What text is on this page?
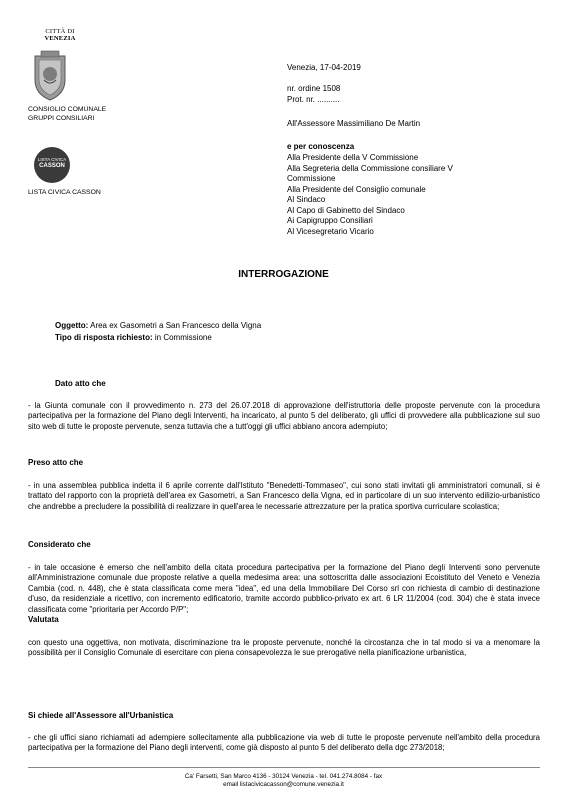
CITTÀ DI
VENEZIA
CONSIGLIO COMUNALE
GRUPPI CONSILIARI
LISTA CIVICA
CASSON
LISTA CIVICA CASSON
Venezia, 17-04-2019
nr. ordine 1508
Prot. nr. ..........
All'Assessore Massimiliano De Martin
e per conoscenza
Alla Presidente della V Commissione
Alla Segreteria della Commissione consiliare V
Commissione
Alla Presidente del Consiglio comunale
Al Sindaco
Al Capo di Gabinetto del Sindaco
Ai Capigruppo Consiliari
Al Vicesegretario Vicario
INTERROGAZIONE
Oggetto: Area ex Gasometri a San Francesco della Vigna
Tipo di risposta richiesto: in Commissione
Dato atto che
- la Giunta comunale con il provvedimento n. 273 del 26.07.2018 di approvazione dell'istruttoria delle proposte pervenute con la procedura partecipativa per la formazione del Piano degli Interventi, ha incaricato, al punto 5 del deliberato, gli uffici di provvedere alla pubblicazione sul suo sito web di tutte le proposte pervenute, senza tuttavia che a tutt'oggi gli uffici abbiano ancora adempiuto;
Preso atto che
- in una assemblea pubblica indetta il 6 aprile corrente dall'Istituto "Benedetti-Tommaseo", cui sono stati invitati gli amministratori comunali, si è trattato del rapporto con la proprietà dell'area ex Gasometri, a San Francesco della Vigna, ed in particolare di un suo intervento edilizio-urbanistico che andrebbe a precludere la possibilità di realizzare in quell'area le necessarie attrezzature per la pratica sportiva curriculare scolastica;
Considerato che
- in tale occasione è emerso che nell'ambito della citata procedura partecipativa per la formazione del Piano degli Interventi sono pervenute all'Amministrazione comunale due proposte relative a quella medesima area: una sottoscritta dalle associazioni Ecoistituto del Veneto e Venezia Cambia (cod. n. 448), che è stata classificata come mera "idea", ed una della Immobiliare Del Corso srl con richiesta di cambio di destinazione d'uso, da residenziale a ricettivo, con incremento edificatorio, tramite accordo pubblico-privato ex art. 6 LR 11/2004 (cod. 304) che è stata invece classificata come "prioritaria per Accordo P/P";
Valutata
con questo una oggettiva, non motivata, discriminazione tra le proposte pervenute, nonché la circostanza che in tal modo si va a menomare la possibilità per il Consiglio Comunale di esercitare con piena consapevolezza le sue prerogative nella pianificazione urbanistica,
Si chiede all'Assessore all'Urbanistica
- che gli uffici siano richiamati ad adempiere sollecitamente alla pubblicazione via web di tutte le proposte pervenute nell'ambito della procedura partecipativa per la formazione del Piano degli interventi, come già disposto al punto 5 del deliberato della dgc 273/2018;
Ca' Farsetti, San Marco 4136 - 30124 Venezia - tel. 041.274.8084 - fax
email listacivicacasson@comune.venezia.it
